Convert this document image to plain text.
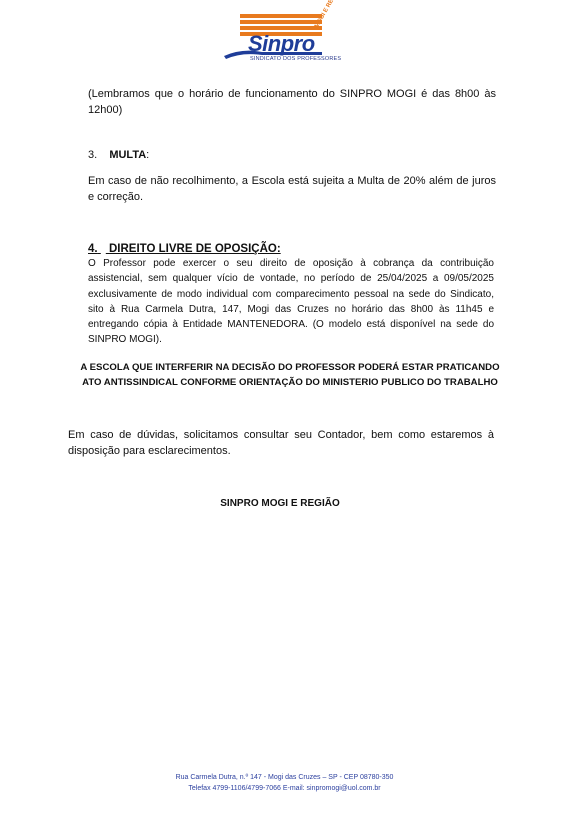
Sinpro
MOGI E
SINDICATO DOS PROFESSORES
(Lembramos que o horário de funcionamento do SINPRO MOGI é das 8h00 às 12h00)
3. MULTA:
Em caso de não recolhimento, a Escola está sujeita a Multa de 20% além de juros e correção.
4. DIREITO LIVRE DE OPOSIÇÃO:
O Professor pode exercer o seu direito de oposição à cobrança da contribuição assistencial, sem qualquer vício de vontade, no período de 25/04/2025 a 09/05/2025 exclusivamente de modo individual com comparecimento pessoal na sede do Sindicato, sito à Rua Carmela Dutra, 147, Mogi das Cruzes no horário das 8h00 às 11h45 e entregando cópia à Entidade MANTENEDORA. (O modelo está disponível na sede do SINPRO MOGI).
A ESCOLA QUE INTERFERIR NA DECISÃO DO PROFESSOR PODERÁ ESTAR PRATICANDO
ATO ANTISSINDICAL CONFORME ORIENTAÇÃO DO MINISTERIO PUBLICO DO TRABALHO
Em caso de dúvidas, solicitamos consultar seu Contador, bem como estaremos à disposição para esclarecimentos.
SINPRO MOGI E REGIÃO
Rua Carmela Dutra, n.º 147 - Mogi das Cruzes – SP - CEP 08780-350
Telefax 4799-1106/4799-7066 E-mail: sinpromogi@uol.com.br
